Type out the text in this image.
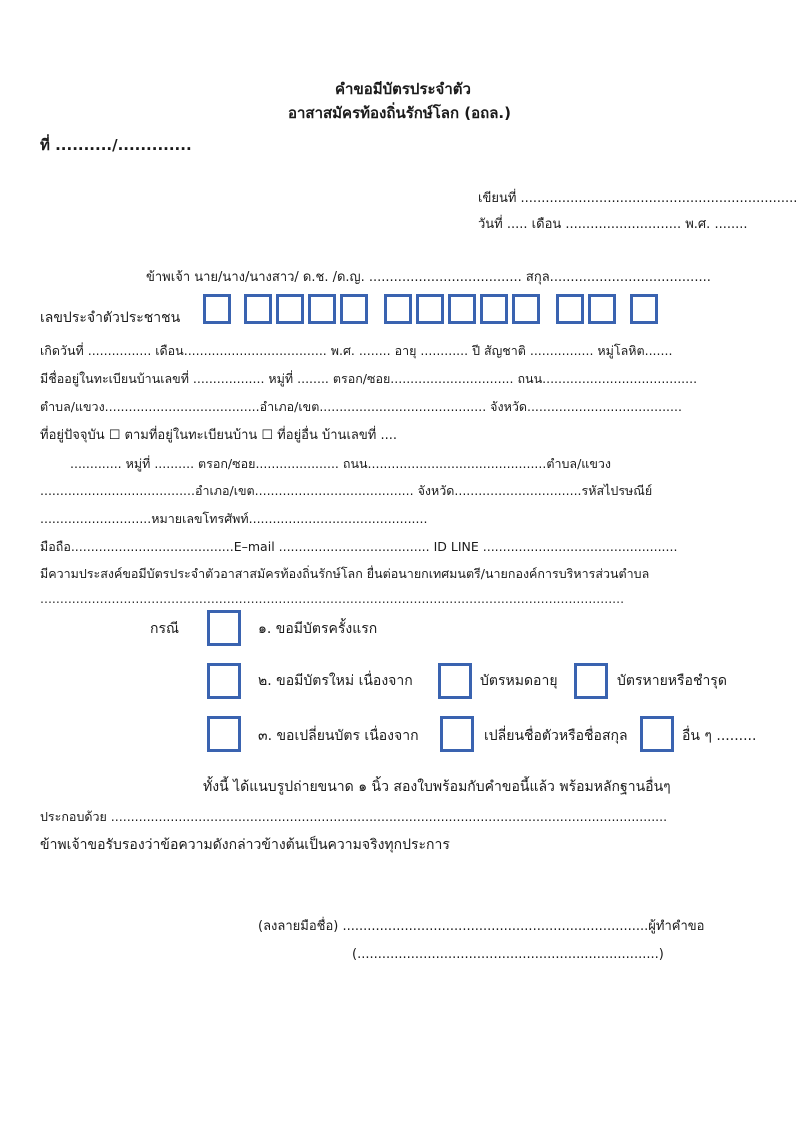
คำขอมีบัตรประจำตัว
อาสาสมัครท้องถิ่นรักษ์โลก (อถล.)
ที่ ........../.............
เขียนที่ ...................................................................
วันที่ ..... เดือน ............................ พ.ศ. ........
ข้าพเจ้า นาย/นาง/นางสาว/ ด.ช. /ด.ญ. ..................................... สกุล.......................................
เลขประจำตัวประชาชน
เกิดวันที่ ................ เดือน.................................... พ.ศ. ........ อายุ ............ ปี สัญชาติ ................ หมู่โลหิต.......
มีชื่ออยู่ในทะเบียนบ้านเลขที่ .................. หมู่ที่ ........ ตรอก/ซอย............................... ถนน.......................................
ตำบล/แขวง.......................................อำเภอ/เขต.......................................... จังหวัด.......................................
ที่อยู่ปัจจุบัน ☐ ตามที่อยู่ในทะเบียนบ้าน ☐ ที่อยู่อื่น บ้านเลขที่ ....
............. หมู่ที่ .......... ตรอก/ซอย..................... ถนน.............................................ตำบล/แขวง
.......................................อำเภอ/เขต........................................ จังหวัด................................รหัสไปรษณีย์
............................หมายเลขโทรศัพท์.............................................
มือถือ.........................................E–mail ...................................... ID LINE .................................................
มีความประสงค์ขอมีบัตรประจำตัวอาสาสมัครท้องถิ่นรักษ์โลก ยื่นต่อนายกเทศมนตรี/นายกองค์การบริหารส่วนตำบล
...................................................................................................................................................
กรณี	๑. ขอมีบัตรครั้งแรก
๒. ขอมีบัตรใหม่ เนื่องจาก	บัตรหมดอายุ	บัตรหายหรือชำรุด
๓. ขอเปลี่ยนบัตร เนื่องจาก	เปลี่ยนชื่อตัวหรือชื่อสกุล	อื่น ๆ .........
ทั้งนี้ ได้แนบรูปถ่ายขนาด ๑ นิ้ว สองใบพร้อมกับคำขอนี้แล้ว พร้อมหลักฐานอื่นๆ
ประกอบด้วย ............................................................................................................................................
ข้าพเจ้าขอรับรองว่าข้อความดังกล่าวข้างต้นเป็นความจริงทุกประการ
(ลงลายมือชื่อ) ..........................................................................ผู้ทำคำขอ
(.........................................................................)
